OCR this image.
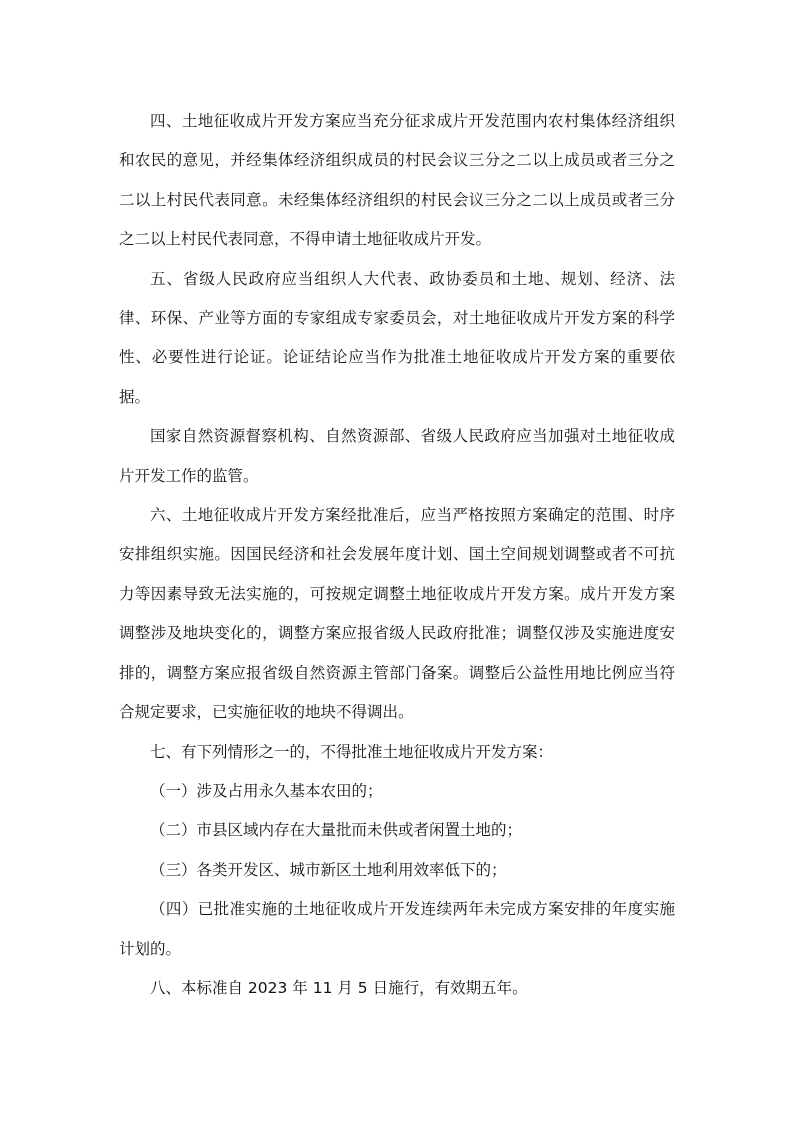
四、土地征收成片开发方案应当充分征求成片开发范围内农村集体经济组织和农民的意见，并经集体经济组织成员的村民会议三分之二以上成员或者三分之二以上村民代表同意。未经集体经济组织的村民会议三分之二以上成员或者三分之二以上村民代表同意，不得申请土地征收成片开发。

五、省级人民政府应当组织人大代表、政协委员和土地、规划、经济、法律、环保、产业等方面的专家组成专家委员会，对土地征收成片开发方案的科学性、必要性进行论证。论证结论应当作为批准土地征收成片开发方案的重要依据。

国家自然资源督察机构、自然资源部、省级人民政府应当加强对土地征收成片开发工作的监管。

六、土地征收成片开发方案经批准后，应当严格按照方案确定的范围、时序安排组织实施。因国民经济和社会发展年度计划、国土空间规划调整或者不可抗力等因素导致无法实施的，可按规定调整土地征收成片开发方案。成片开发方案调整涉及地块变化的，调整方案应报省级人民政府批准；调整仅涉及实施进度安排的，调整方案应报省级自然资源主管部门备案。调整后公益性用地比例应当符合规定要求，已实施征收的地块不得调出。

七、有下列情形之一的，不得批准土地征收成片开发方案：

（一）涉及占用永久基本农田的；

（二）市县区域内存在大量批而未供或者闲置土地的；

（三）各类开发区、城市新区土地利用效率低下的；

（四）已批准实施的土地征收成片开发连续两年未完成方案安排的年度实施计划的。

八、本标准自 2023 年 11 月 5 日施行，有效期五年。
